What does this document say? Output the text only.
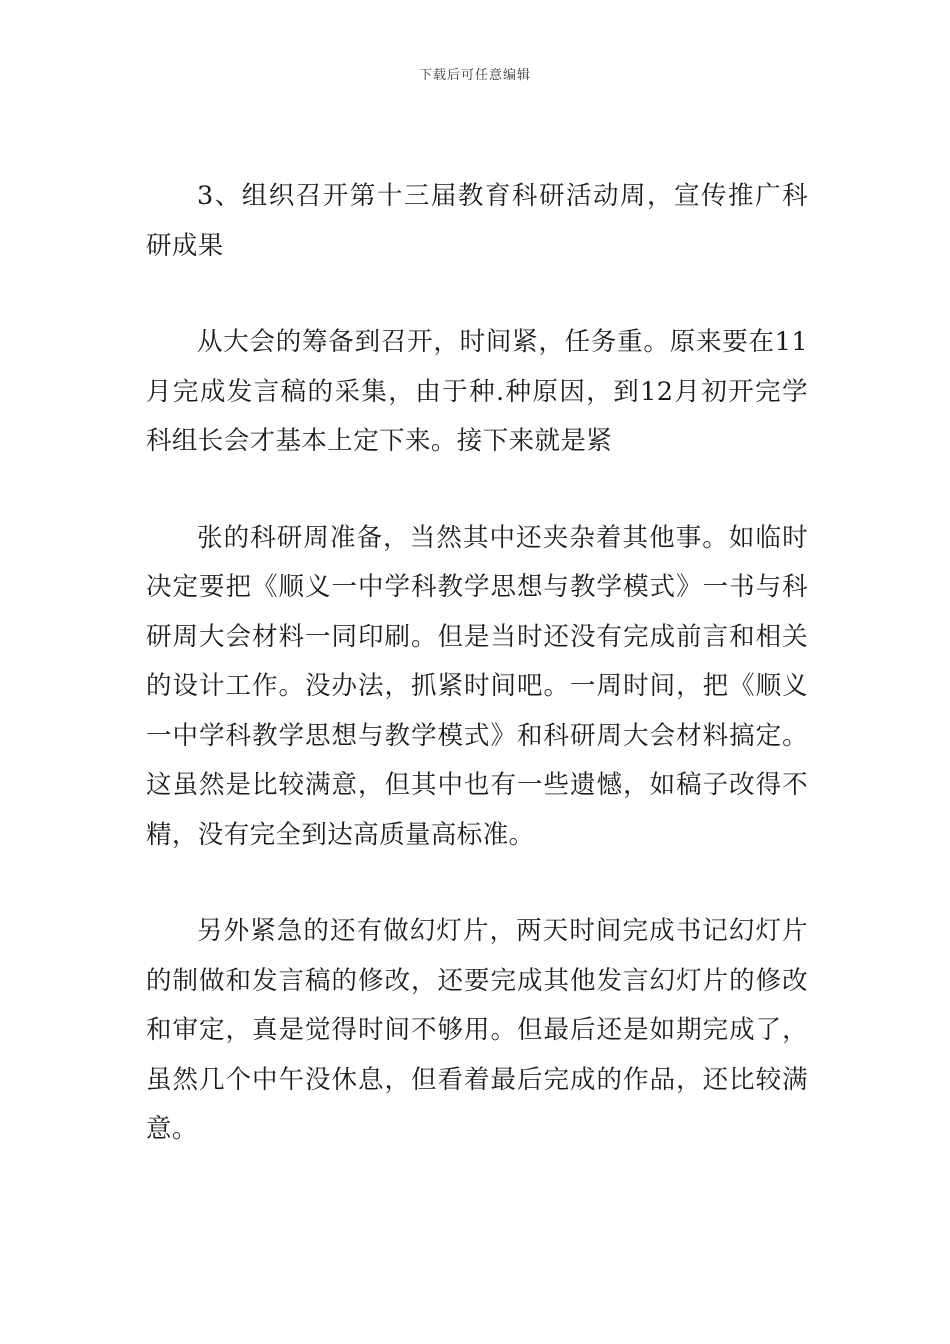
下载后可任意编辑

3、组织召开第十三届教育科研活动周，宣传推广科研成果

从大会的筹备到召开，时间紧，任务重。原来要在11月完成发言稿的采集，由于种.种原因，到12月初开完学科组长会才基本上定下来。接下来就是紧

张的科研周准备，当然其中还夹杂着其他事。如临时决定要把《顺义一中学科教学思想与教学模式》一书与科研周大会材料一同印刷。但是当时还没有完成前言和相关的设计工作。没办法，抓紧时间吧。一周时间，把《顺义一中学科教学思想与教学模式》和科研周大会材料搞定。这虽然是比较满意，但其中也有一些遗憾，如稿子改得不精，没有完全到达高质量高标准。

另外紧急的还有做幻灯片，两天时间完成书记幻灯片的制做和发言稿的修改，还要完成其他发言幻灯片的修改和审定，真是觉得时间不够用。但最后还是如期完成了，虽然几个中午没休息，但看着最后完成的作品，还比较满意。
